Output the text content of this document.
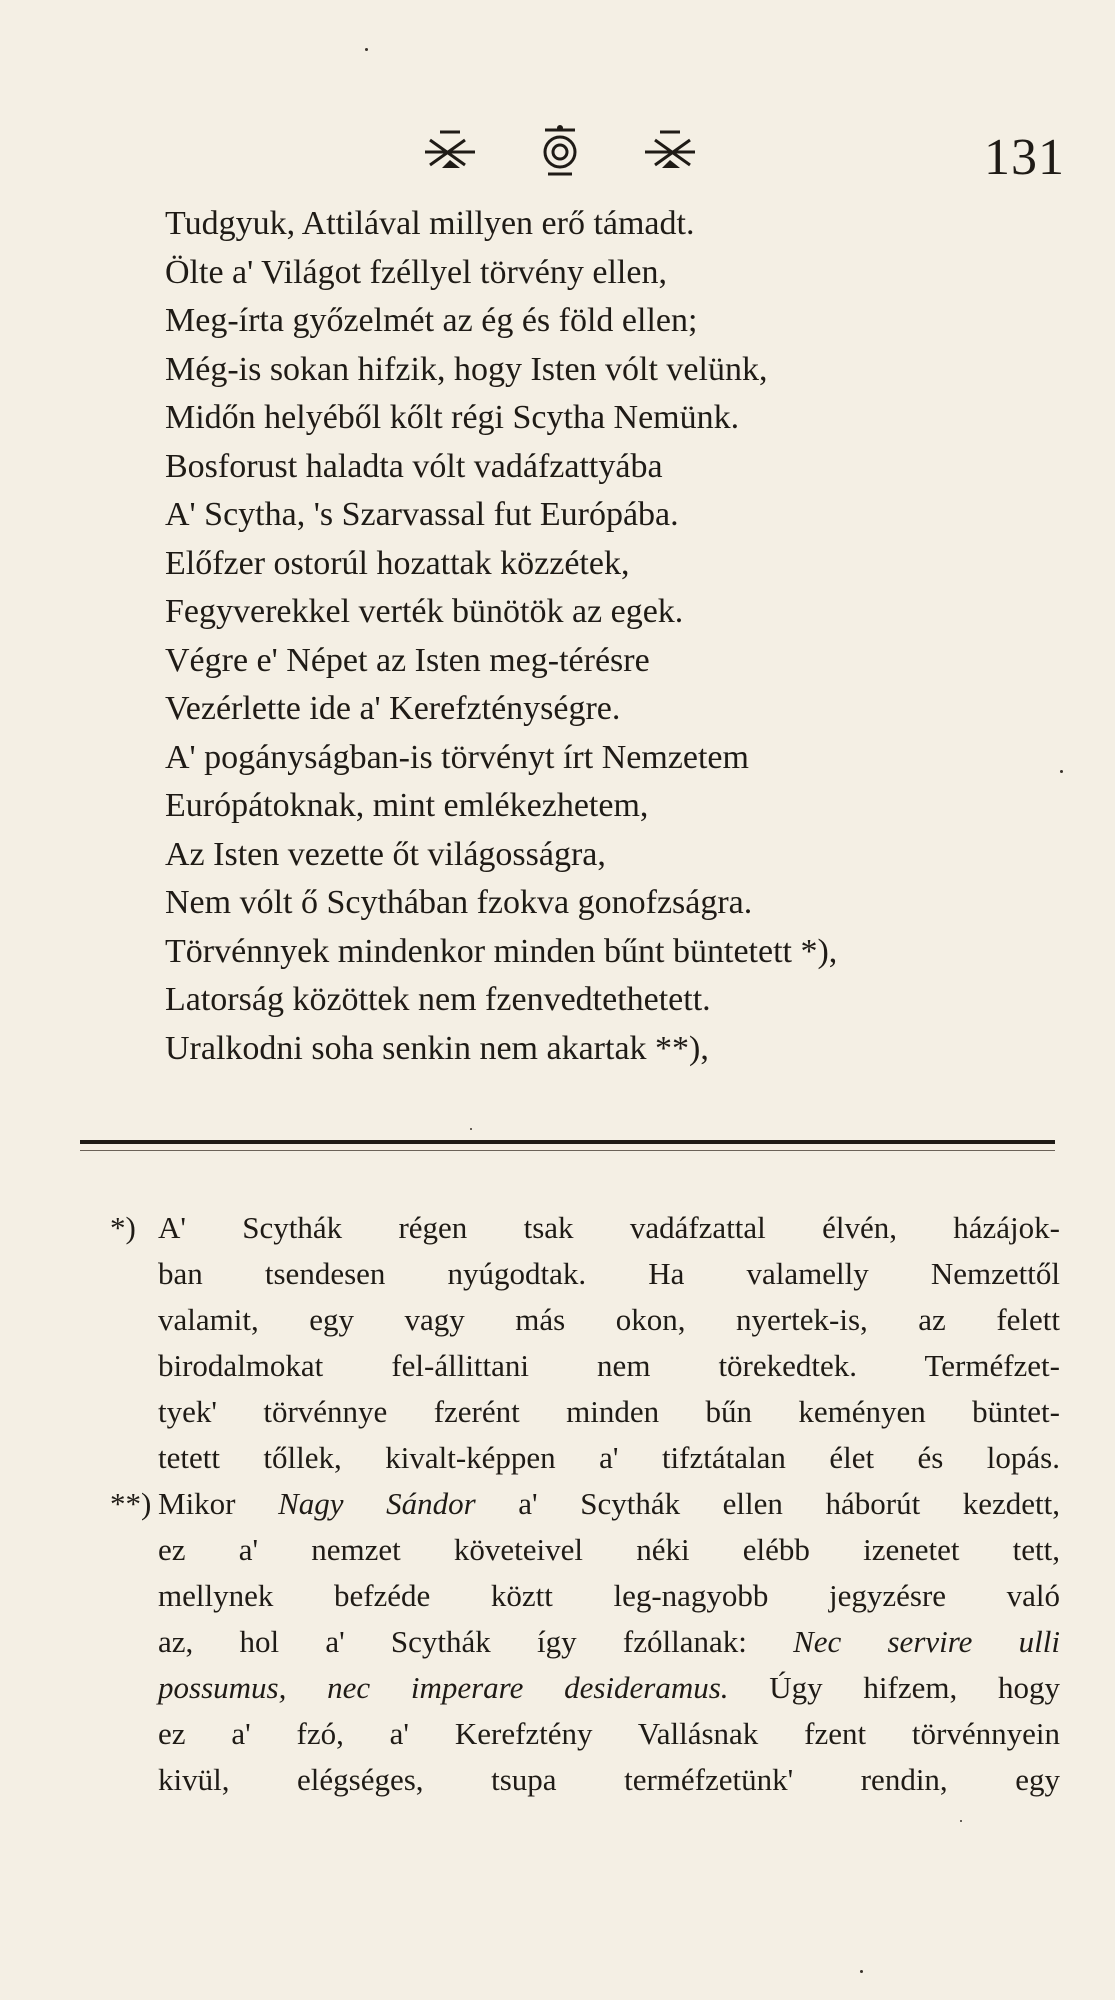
131
Tudgyuk, Attilával millyen erő támadt.
Ölte a' Világot fzéllyel törvény ellen,
Meg-írta győzelmét az ég és föld ellen;
Még-is sokan hifzik, hogy Isten vólt velünk,
Midőn helyéből kőlt régi Scytha Nemünk.
Bosforust haladta vólt vadáfzattyába
A' Scytha, 's Szarvassal fut Európába.
Előfzer ostorúl hozattak közzétek,
Fegyverekkel verték bünötök az egek.
Végre e' Népet az Isten meg-térésre
Vezérlette ide a' Kerefzténységre.
A' pogányságban-is törvényt írt Nemzetem
Európátoknak, mint emlékezhetem,
Az Isten vezette őt világosságra,
Nem vólt ő Scythában fzokva gonofzságra.
Törvénnyek mindenkor minden bűnt büntetett *),
Latorság közöttek nem fzenvedtethetett.
Uralkodni soha senkin nem akartak **),
*) A' Scythák régen tsak vadáfzattal élvén, házájok-
ban tsendesen nyúgodtak. Ha valamelly Nemzettől
valamit, egy vagy más okon, nyertek-is, az felett
birodalmokat fel-állittani nem törekedtek. Terméfzet-
tyek' törvénnye fzerént minden bűn keményen büntet-
tetett tőllek, kivalt-képpen a' tifztátalan élet és lopás.
**) Mikor Nagy Sándor a' Scythák ellen háborút kezdett,
ez a' nemzet követeivel néki elébb izenetet tett,
mellynek befzéde köztt leg-nagyobb jegyzésre való
az, hol a' Scythák így fzóllanak: Nec servire ulli
possumus, nec imperare desideramus. Úgy hifzem, hogy
ez a' fzó, a' Kerefztény Vallásnak fzent törvénnyein
kivül, elégséges, tsupa terméfzetünk' rendin, egy
